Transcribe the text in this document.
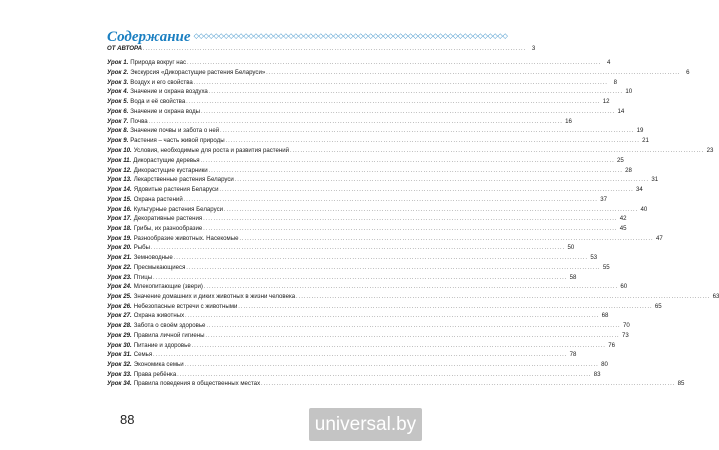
Содержание ◇◇◇◇◇◇◇◇◇◇◇◇◇◇◇◇◇◇◇◇◇◇◇◇◇◇◇◇◇◇◇◇◇◇◇◇◇◇◇◇◇◇◇◇◇◇◇◇◇◇◇◇◇◇◇◇◇◇◇◇◇◇◇
ОТ АВТОРА .................................................................................................................................................... 3
Урок 1. Природа вокруг нас ................................................................................................................................................................ 4
Урок 2. Экскурсия «Дикорастущие растения Беларуси» ................................................................................................................................................................ 6
Урок 3. Воздух и его свойства ................................................................................................................................................................ 8
Урок 4. Значение и охрана воздуха ................................................................................................................................................................ 10
Урок 5. Вода и её свойства ................................................................................................................................................................ 12
Урок 6. Значение и охрана воды ................................................................................................................................................................ 14
Урок 7. Почва ................................................................................................................................................................ 16
Урок 8. Значение почвы и забота о ней ................................................................................................................................................................ 19
Урок 9. Растения – часть живой природы ................................................................................................................................................................ 21
Урок 10. Условия, необходимые для роста и развития растений ................................................................................................................................................................ 23
Урок 11. Дикорастущие деревья ................................................................................................................................................................ 25
Урок 12. Дикорастущие кустарники ................................................................................................................................................................ 28
Урок 13. Лекарственные растения Беларуси ................................................................................................................................................................ 31
Урок 14. Ядовитые растения Беларуси ................................................................................................................................................................ 34
Урок 15. Охрана растений ................................................................................................................................................................ 37
Урок 16. Культурные растения Беларуси ................................................................................................................................................................ 40
Урок 17. Декоративные растения ................................................................................................................................................................ 42
Урок 18. Грибы, их разнообразие ................................................................................................................................................................ 45
Урок 19. Разнообразие животных. Насекомые ................................................................................................................................................................ 47
Урок 20. Рыбы ................................................................................................................................................................ 50
Урок 21. Земноводные ................................................................................................................................................................ 53
Урок 22. Пресмыкающиеся ................................................................................................................................................................ 55
Урок 23. Птицы ................................................................................................................................................................ 58
Урок 24. Млекопитающие (звери) ................................................................................................................................................................ 60
Урок 25. Значение домашних и диких животных в жизни человека ................................................................................................................................................................ 63
Урок 26. Небезопасные встречи с животными ................................................................................................................................................................ 65
Урок 27. Охрана животных ................................................................................................................................................................ 68
Урок 28. Забота о своём здоровье ................................................................................................................................................................ 70
Урок 29. Правила личной гигиены ................................................................................................................................................................ 73
Урок 30. Питание и здоровье ................................................................................................................................................................ 76
Урок 31. Семья ................................................................................................................................................................ 78
Урок 32. Экономика семьи ................................................................................................................................................................ 80
Урок 33. Права ребёнка ................................................................................................................................................................ 83
Урок 34. Правила поведения в общественных местах ................................................................................................................................................................ 85
88	universal.by
